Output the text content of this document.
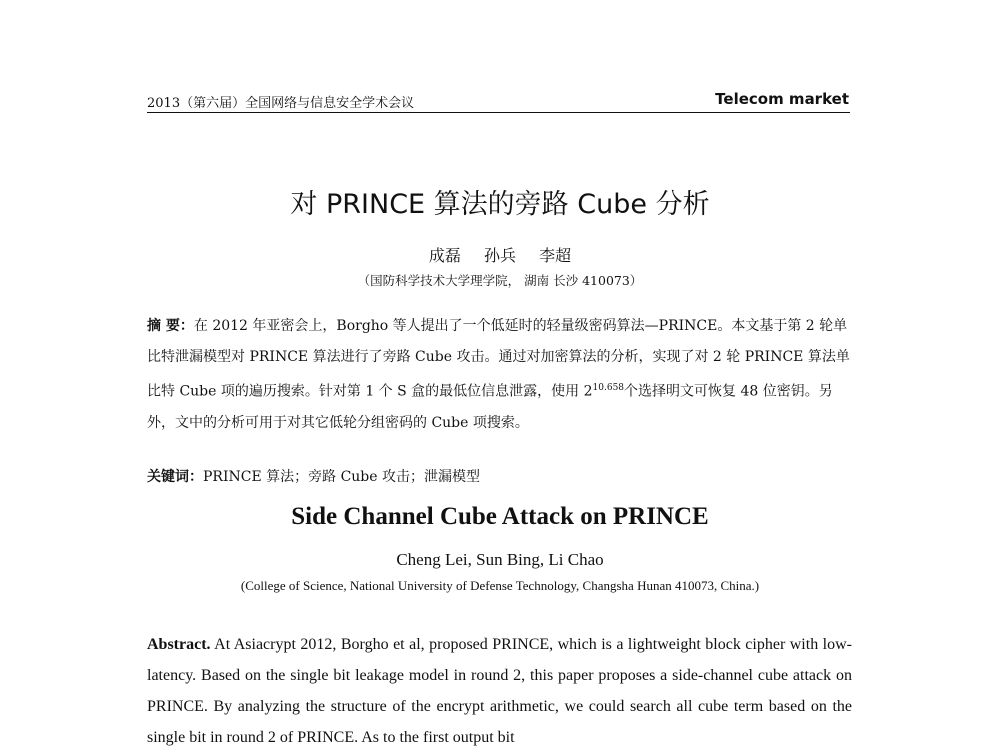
2013（第六届）全国网络与信息安全学术会议	Telecom market
对 PRINCE 算法的旁路 Cube 分析
成磊 孙兵 李超
（国防科学技术大学理学院， 湖南 长沙 410073）
摘 要：在 2012 年亚密会上，Borgho 等人提出了一个低延时的轻量级密码算法—PRINCE。本文基于第 2 轮单比特泄漏模型对 PRINCE 算法进行了旁路 Cube 攻击。通过对加密算法的分析，实现了对 2 轮 PRINCE 算法单比特 Cube 项的遍历搜索。针对第 1 个 S 盒的最低位信息泄露，使用 $2^{10.658}$个选择明文可恢复 48 位密钥。另外，文中的分析可用于对其它低轮分组密码的 Cube 项搜索。
关键词：PRINCE 算法；旁路 Cube 攻击；泄漏模型
Side Channel Cube Attack on PRINCE
Cheng Lei, Sun Bing, Li Chao
(College of Science, National University of Defense Technology, Changsha Hunan 410073, China.)
Abstract. At Asiacrypt 2012, Borgho et al, proposed PRINCE, which is a lightweight block cipher with low-latency. Based on the single bit leakage model in round 2, this paper proposes a side-channel cube attack on PRINCE. By analyzing the structure of the encrypt arithmetic, we could search all cube term based on the single bit in round 2 of PRINCE. As to the first output bit
